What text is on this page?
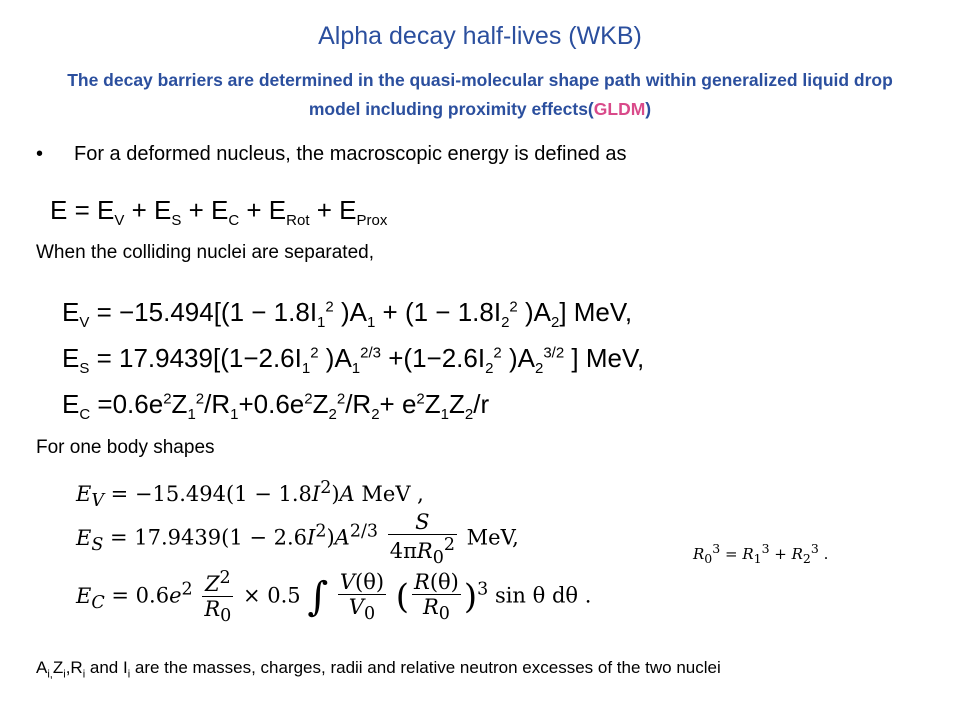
Alpha decay half-lives (WKB)
The decay barriers are determined in the quasi-molecular shape path within generalized liquid drop model including proximity effects(GLDM)
• For a deformed nucleus, the macroscopic energy is defined as
$E = E_V + E_S + E_C + E_{Rot} + E_{Prox}$
When the colliding nuclei are separated,
$E_V = -15.494[(1 - 1.8I_1^2$ )$A_1 + (1 - 1.8I_2^2$ )$A_2$] MeV,
$E_S = 17.9439[(1-2.6I_1^2$ )$A_1^{2/3} +(1-2.6I_2^2$ )$A_2^{3/2}$ ] MeV,
$E_C =0.6e^2Z_1^2/R_1+0.6e^2Z_2^2/R_2+ e^2Z_1Z_2/r$
For one body shapes
$E_V = -15.494(1 - 1.8I^2)A$ MeV ,
$E_S = 17.9439(1 - 2.6I^2)A^{2/3} \frac{S}{4\pi R_0^2}$ MeV,
$E_C = 0.6e^2 \frac{Z^2}{R_0} \times 0.5$ ∫ $\frac{V(\theta)}{V_0}$ ( $\frac{R(\theta)}{R_0} )^3$ sin θ dθ .
$R_0^3 = R_1^3 + R_2^3$ .
$A_{i,}Z_i,R_i$ and $I_i$ are the masses, charges, radii and relative neutron excesses of the two nuclei
